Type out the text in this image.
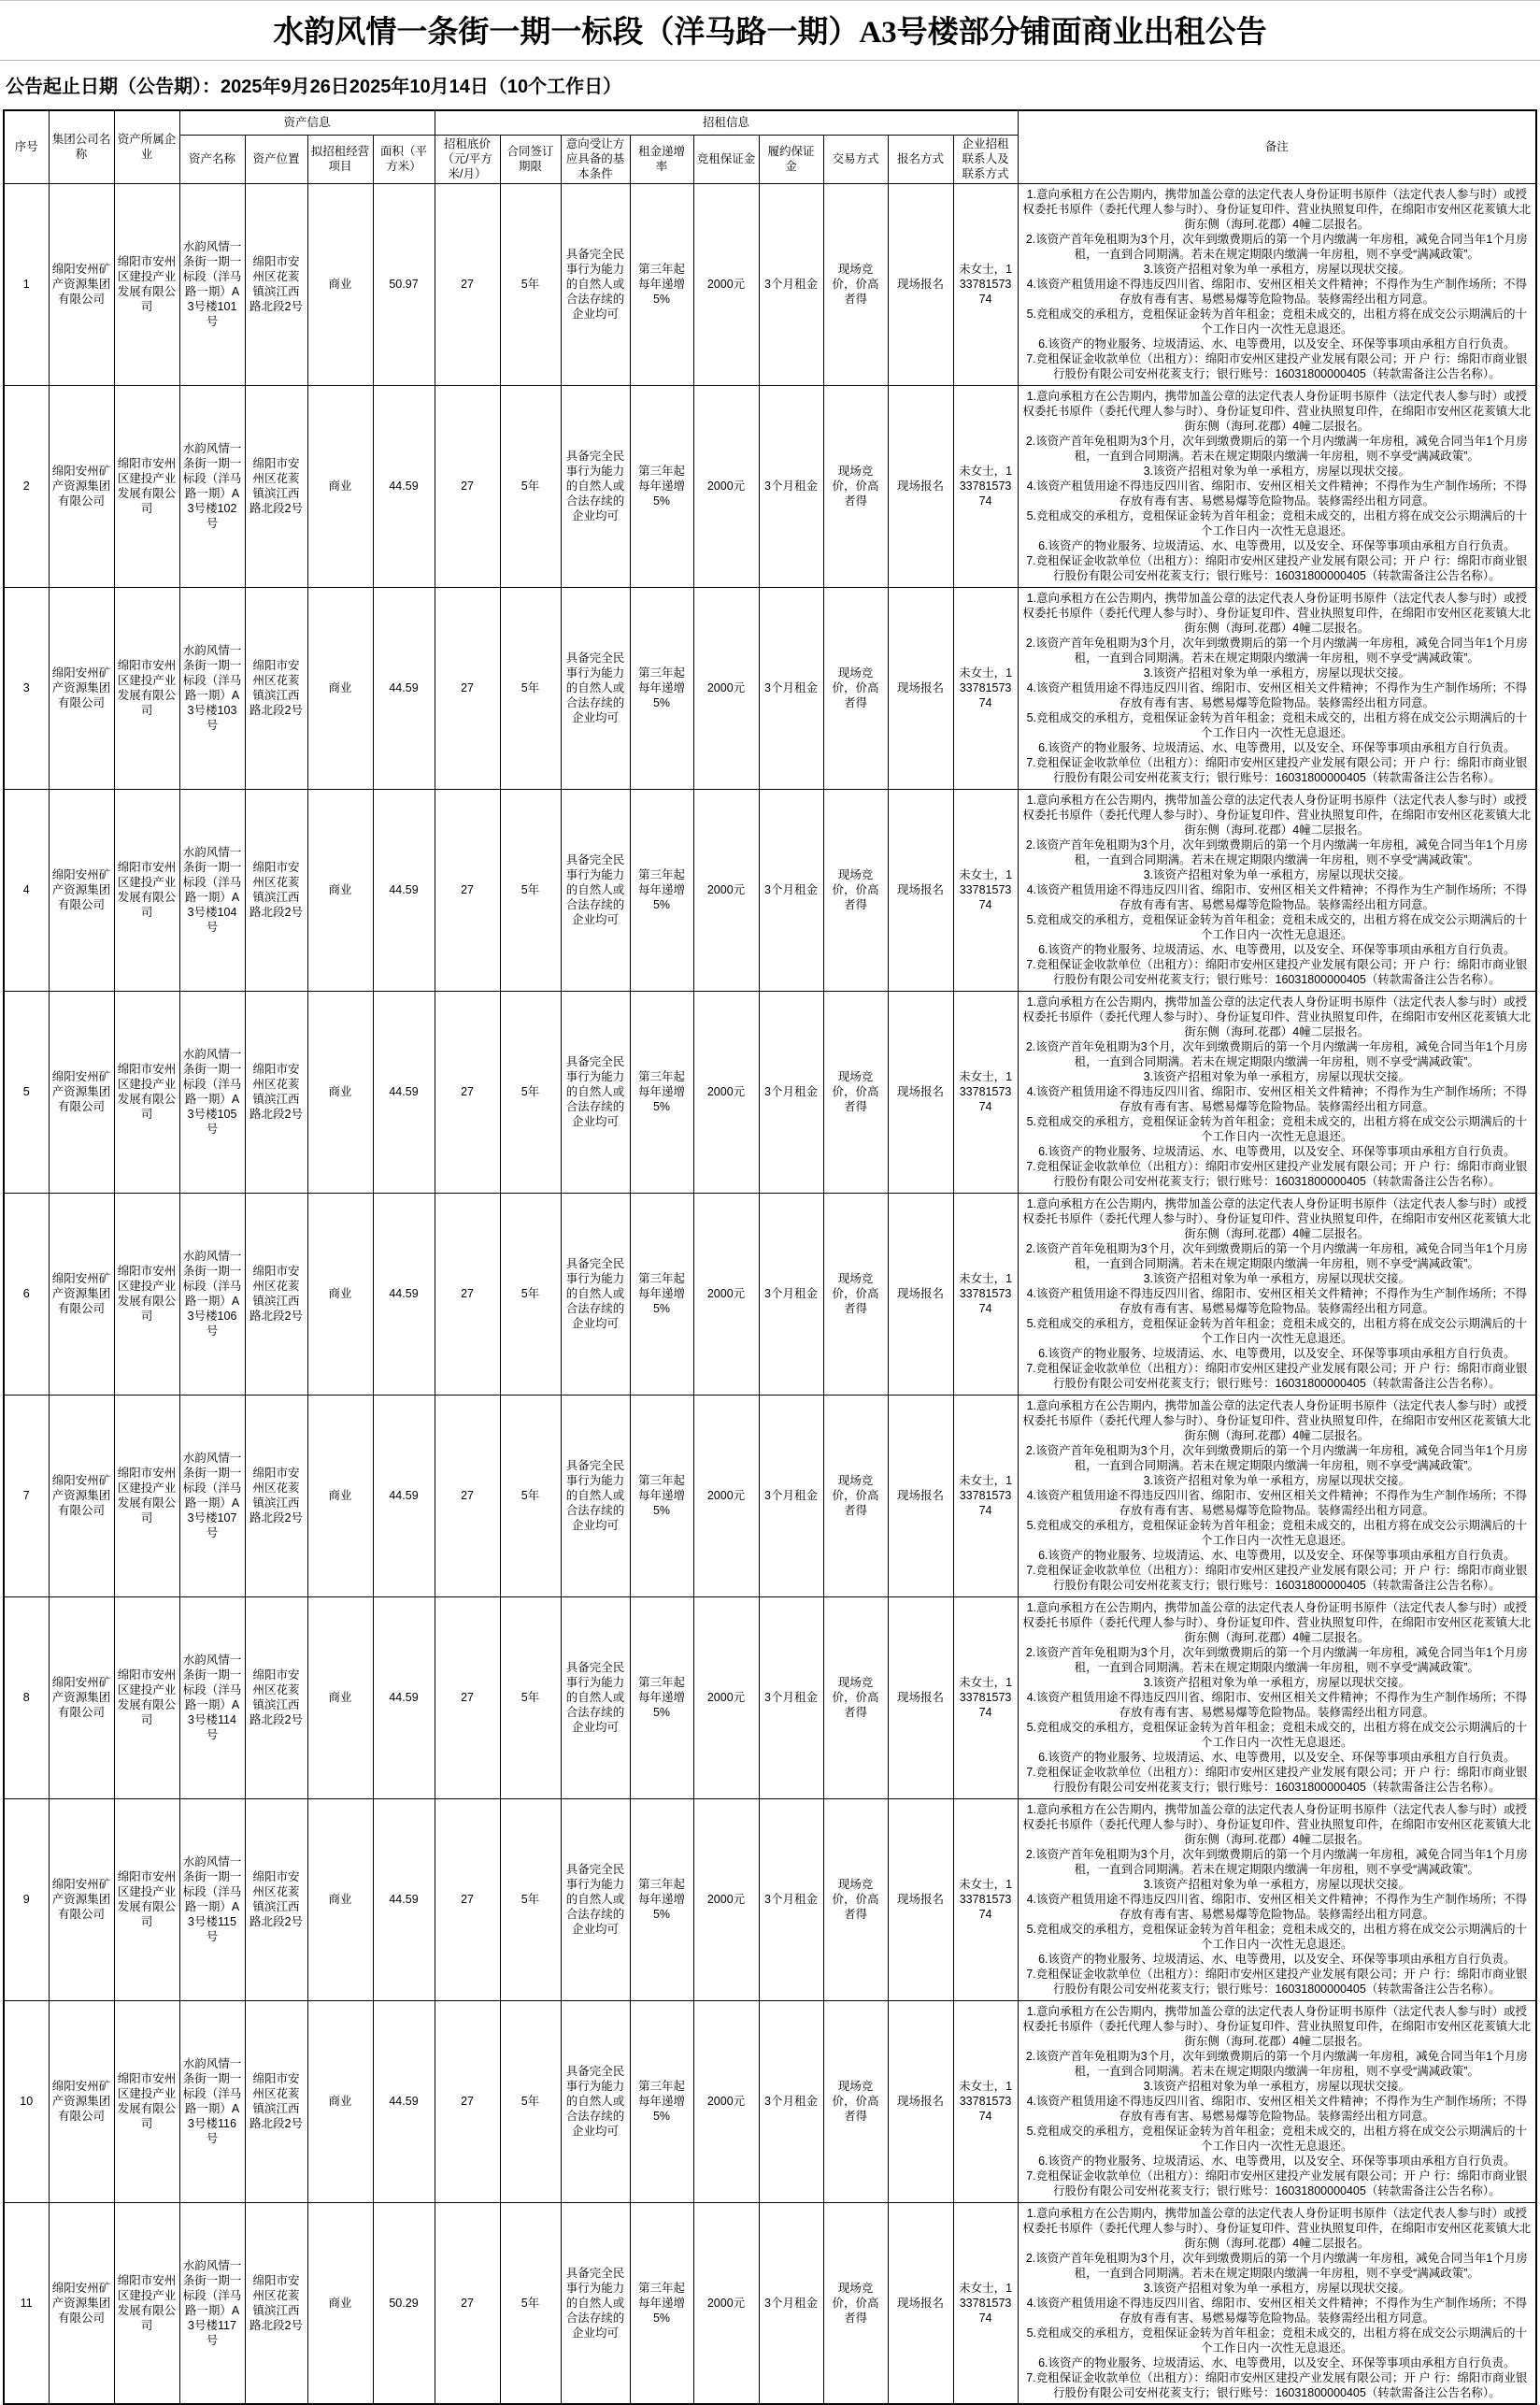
水韵风情一条街一期一标段（洋马路一期）A3号楼部分铺面商业出租公告
公告起止日期（公告期）：2025年9月26日2025年10月14日（10个工作日）
序号	集团公司名称	资产所属企业	资产信息				招租信息									备注
			资产名称	资产位置	拟招租经营项目	面积（平方米）	招租底价（元/平方米/月）	合同签订期限	意向受让方应具备的基本条件	租金递增率	竞租保证金	履约保证金	交易方式	报名方式	企业招租联系人及联系方式	
1	绵阳安州矿产资源集团有限公司	绵阳市安州区建投产业发展有限公司	水韵风情一条街一期一标段（洋马路一期）A3号楼101号	绵阳市安州区花荄镇滨江西路北段2号	商业	50.97	27	5年	具备完全民事行为能力的自然人或合法存续的企业均可	第三年起每年递增5%	2000元	3个月租金	现场竞价，价高者得	现场报名	未女士，13378157374	
1.意向承租方在公告期内，携带加盖公章的法定代表人身份证明书原件（法定代表人参与时）或授权委托书原件（委托代理人参与时）、身份证复印件、营业执照复印件，在绵阳市安州区花荄镇大北街东侧（海珂.花郡）4幢二层报名。
2.该资产首年免租期为3个月，次年到缴费期后的第一个月内缴满一年房租，减免合同当年1个月房租，一直到合同期满。若未在规定期限内缴满一年房租，则不享受“满减政策”。
3.该资产招租对象为单一承租方，房屋以现状交接。
4.该资产租赁用途不得违反四川省、绵阳市、安州区相关文件精神；不得作为生产制作场所；不得存放有毒有害、易燃易爆等危险物品。装修需经出租方同意。
5.竞租成交的承租方，竞租保证金转为首年租金；竞租未成交的，出租方将在成交公示期满后的十个工作日内一次性无息退还。
6.该资产的物业服务、垃圾清运、水、电等费用，以及安全、环保等事项由承租方自行负责。
7.竞租保证金收款单位（出租方）：绵阳市安州区建投产业发展有限公司；开 户 行：绵阳市商业银行股份有限公司安州花荄支行；银行账号：16031800000405（转款需备注公告名称）。

2	绵阳安州矿产资源集团有限公司	绵阳市安州区建投产业发展有限公司	水韵风情一条街一期一标段（洋马路一期）A3号楼102号	绵阳市安州区花荄镇滨江西路北段2号	商业	44.59	27	5年	具备完全民事行为能力的自然人或合法存续的企业均可	第三年起每年递增5%	2000元	3个月租金	现场竞价，价高者得	现场报名	未女士，13378157374	
1.意向承租方在公告期内，携带加盖公章的法定代表人身份证明书原件（法定代表人参与时）或授权委托书原件（委托代理人参与时）、身份证复印件、营业执照复印件，在绵阳市安州区花荄镇大北街东侧（海珂.花郡）4幢二层报名。
2.该资产首年免租期为3个月，次年到缴费期后的第一个月内缴满一年房租，减免合同当年1个月房租，一直到合同期满。若未在规定期限内缴满一年房租，则不享受“满减政策”。
3.该资产招租对象为单一承租方，房屋以现状交接。
4.该资产租赁用途不得违反四川省、绵阳市、安州区相关文件精神；不得作为生产制作场所；不得存放有毒有害、易燃易爆等危险物品。装修需经出租方同意。
5.竞租成交的承租方，竞租保证金转为首年租金；竞租未成交的，出租方将在成交公示期满后的十个工作日内一次性无息退还。
6.该资产的物业服务、垃圾清运、水、电等费用，以及安全、环保等事项由承租方自行负责。
7.竞租保证金收款单位（出租方）：绵阳市安州区建投产业发展有限公司；开 户 行：绵阳市商业银行股份有限公司安州花荄支行；银行账号：16031800000405（转款需备注公告名称）。

3	绵阳安州矿产资源集团有限公司	绵阳市安州区建投产业发展有限公司	水韵风情一条街一期一标段（洋马路一期）A3号楼103号	绵阳市安州区花荄镇滨江西路北段2号	商业	44.59	27	5年	具备完全民事行为能力的自然人或合法存续的企业均可	第三年起每年递增5%	2000元	3个月租金	现场竞价，价高者得	现场报名	未女士，13378157374	
1.意向承租方在公告期内，携带加盖公章的法定代表人身份证明书原件（法定代表人参与时）或授权委托书原件（委托代理人参与时）、身份证复印件、营业执照复印件，在绵阳市安州区花荄镇大北街东侧（海珂.花郡）4幢二层报名。
2.该资产首年免租期为3个月，次年到缴费期后的第一个月内缴满一年房租，减免合同当年1个月房租，一直到合同期满。若未在规定期限内缴满一年房租，则不享受“满减政策”。
3.该资产招租对象为单一承租方，房屋以现状交接。
4.该资产租赁用途不得违反四川省、绵阳市、安州区相关文件精神；不得作为生产制作场所；不得存放有毒有害、易燃易爆等危险物品。装修需经出租方同意。
5.竞租成交的承租方，竞租保证金转为首年租金；竞租未成交的，出租方将在成交公示期满后的十个工作日内一次性无息退还。
6.该资产的物业服务、垃圾清运、水、电等费用，以及安全、环保等事项由承租方自行负责。
7.竞租保证金收款单位（出租方）：绵阳市安州区建投产业发展有限公司；开 户 行：绵阳市商业银行股份有限公司安州花荄支行；银行账号：16031800000405（转款需备注公告名称）。

4	绵阳安州矿产资源集团有限公司	绵阳市安州区建投产业发展有限公司	水韵风情一条街一期一标段（洋马路一期）A3号楼104号	绵阳市安州区花荄镇滨江西路北段2号	商业	44.59	27	5年	具备完全民事行为能力的自然人或合法存续的企业均可	第三年起每年递增5%	2000元	3个月租金	现场竞价，价高者得	现场报名	未女士，13378157374	
1.意向承租方在公告期内，携带加盖公章的法定代表人身份证明书原件（法定代表人参与时）或授权委托书原件（委托代理人参与时）、身份证复印件、营业执照复印件，在绵阳市安州区花荄镇大北街东侧（海珂.花郡）4幢二层报名。
2.该资产首年免租期为3个月，次年到缴费期后的第一个月内缴满一年房租，减免合同当年1个月房租，一直到合同期满。若未在规定期限内缴满一年房租，则不享受“满减政策”。
3.该资产招租对象为单一承租方，房屋以现状交接。
4.该资产租赁用途不得违反四川省、绵阳市、安州区相关文件精神；不得作为生产制作场所；不得存放有毒有害、易燃易爆等危险物品。装修需经出租方同意。
5.竞租成交的承租方，竞租保证金转为首年租金；竞租未成交的，出租方将在成交公示期满后的十个工作日内一次性无息退还。
6.该资产的物业服务、垃圾清运、水、电等费用，以及安全、环保等事项由承租方自行负责。
7.竞租保证金收款单位（出租方）：绵阳市安州区建投产业发展有限公司；开 户 行：绵阳市商业银行股份有限公司安州花荄支行；银行账号：16031800000405（转款需备注公告名称）。

5	绵阳安州矿产资源集团有限公司	绵阳市安州区建投产业发展有限公司	水韵风情一条街一期一标段（洋马路一期）A3号楼105号	绵阳市安州区花荄镇滨江西路北段2号	商业	44.59	27	5年	具备完全民事行为能力的自然人或合法存续的企业均可	第三年起每年递增5%	2000元	3个月租金	现场竞价，价高者得	现场报名	未女士，13378157374	
1.意向承租方在公告期内，携带加盖公章的法定代表人身份证明书原件（法定代表人参与时）或授权委托书原件（委托代理人参与时）、身份证复印件、营业执照复印件，在绵阳市安州区花荄镇大北街东侧（海珂.花郡）4幢二层报名。
2.该资产首年免租期为3个月，次年到缴费期后的第一个月内缴满一年房租，减免合同当年1个月房租，一直到合同期满。若未在规定期限内缴满一年房租，则不享受“满减政策”。
3.该资产招租对象为单一承租方，房屋以现状交接。
4.该资产租赁用途不得违反四川省、绵阳市、安州区相关文件精神；不得作为生产制作场所；不得存放有毒有害、易燃易爆等危险物品。装修需经出租方同意。
5.竞租成交的承租方，竞租保证金转为首年租金；竞租未成交的，出租方将在成交公示期满后的十个工作日内一次性无息退还。
6.该资产的物业服务、垃圾清运、水、电等费用，以及安全、环保等事项由承租方自行负责。
7.竞租保证金收款单位（出租方）：绵阳市安州区建投产业发展有限公司；开 户 行：绵阳市商业银行股份有限公司安州花荄支行；银行账号：16031800000405（转款需备注公告名称）。

6	绵阳安州矿产资源集团有限公司	绵阳市安州区建投产业发展有限公司	水韵风情一条街一期一标段（洋马路一期）A3号楼106号	绵阳市安州区花荄镇滨江西路北段2号	商业	44.59	27	5年	具备完全民事行为能力的自然人或合法存续的企业均可	第三年起每年递增5%	2000元	3个月租金	现场竞价，价高者得	现场报名	未女士，13378157374	
1.意向承租方在公告期内，携带加盖公章的法定代表人身份证明书原件（法定代表人参与时）或授权委托书原件（委托代理人参与时）、身份证复印件、营业执照复印件，在绵阳市安州区花荄镇大北街东侧（海珂.花郡）4幢二层报名。
2.该资产首年免租期为3个月，次年到缴费期后的第一个月内缴满一年房租，减免合同当年1个月房租，一直到合同期满。若未在规定期限内缴满一年房租，则不享受“满减政策”。
3.该资产招租对象为单一承租方，房屋以现状交接。
4.该资产租赁用途不得违反四川省、绵阳市、安州区相关文件精神；不得作为生产制作场所；不得存放有毒有害、易燃易爆等危险物品。装修需经出租方同意。
5.竞租成交的承租方，竞租保证金转为首年租金；竞租未成交的，出租方将在成交公示期满后的十个工作日内一次性无息退还。
6.该资产的物业服务、垃圾清运、水、电等费用，以及安全、环保等事项由承租方自行负责。
7.竞租保证金收款单位（出租方）：绵阳市安州区建投产业发展有限公司；开 户 行：绵阳市商业银行股份有限公司安州花荄支行；银行账号：16031800000405（转款需备注公告名称）。

7	绵阳安州矿产资源集团有限公司	绵阳市安州区建投产业发展有限公司	水韵风情一条街一期一标段（洋马路一期）A3号楼107号	绵阳市安州区花荄镇滨江西路北段2号	商业	44.59	27	5年	具备完全民事行为能力的自然人或合法存续的企业均可	第三年起每年递增5%	2000元	3个月租金	现场竞价，价高者得	现场报名	未女士，13378157374	
1.意向承租方在公告期内，携带加盖公章的法定代表人身份证明书原件（法定代表人参与时）或授权委托书原件（委托代理人参与时）、身份证复印件、营业执照复印件，在绵阳市安州区花荄镇大北街东侧（海珂.花郡）4幢二层报名。
2.该资产首年免租期为3个月，次年到缴费期后的第一个月内缴满一年房租，减免合同当年1个月房租，一直到合同期满。若未在规定期限内缴满一年房租，则不享受“满减政策”。
3.该资产招租对象为单一承租方，房屋以现状交接。
4.该资产租赁用途不得违反四川省、绵阳市、安州区相关文件精神；不得作为生产制作场所；不得存放有毒有害、易燃易爆等危险物品。装修需经出租方同意。
5.竞租成交的承租方，竞租保证金转为首年租金；竞租未成交的，出租方将在成交公示期满后的十个工作日内一次性无息退还。
6.该资产的物业服务、垃圾清运、水、电等费用，以及安全、环保等事项由承租方自行负责。
7.竞租保证金收款单位（出租方）：绵阳市安州区建投产业发展有限公司；开 户 行：绵阳市商业银行股份有限公司安州花荄支行；银行账号：16031800000405（转款需备注公告名称）。

8	绵阳安州矿产资源集团有限公司	绵阳市安州区建投产业发展有限公司	水韵风情一条街一期一标段（洋马路一期）A3号楼114号	绵阳市安州区花荄镇滨江西路北段2号	商业	44.59	27	5年	具备完全民事行为能力的自然人或合法存续的企业均可	第三年起每年递增5%	2000元	3个月租金	现场竞价，价高者得	现场报名	未女士，13378157374	
1.意向承租方在公告期内，携带加盖公章的法定代表人身份证明书原件（法定代表人参与时）或授权委托书原件（委托代理人参与时）、身份证复印件、营业执照复印件，在绵阳市安州区花荄镇大北街东侧（海珂.花郡）4幢二层报名。
2.该资产首年免租期为3个月，次年到缴费期后的第一个月内缴满一年房租，减免合同当年1个月房租，一直到合同期满。若未在规定期限内缴满一年房租，则不享受“满减政策”。
3.该资产招租对象为单一承租方，房屋以现状交接。
4.该资产租赁用途不得违反四川省、绵阳市、安州区相关文件精神；不得作为生产制作场所；不得存放有毒有害、易燃易爆等危险物品。装修需经出租方同意。
5.竞租成交的承租方，竞租保证金转为首年租金；竞租未成交的，出租方将在成交公示期满后的十个工作日内一次性无息退还。
6.该资产的物业服务、垃圾清运、水、电等费用，以及安全、环保等事项由承租方自行负责。
7.竞租保证金收款单位（出租方）：绵阳市安州区建投产业发展有限公司；开 户 行：绵阳市商业银行股份有限公司安州花荄支行；银行账号：16031800000405（转款需备注公告名称）。

9	绵阳安州矿产资源集团有限公司	绵阳市安州区建投产业发展有限公司	水韵风情一条街一期一标段（洋马路一期）A3号楼115号	绵阳市安州区花荄镇滨江西路北段2号	商业	44.59	27	5年	具备完全民事行为能力的自然人或合法存续的企业均可	第三年起每年递增5%	2000元	3个月租金	现场竞价，价高者得	现场报名	未女士，13378157374	
1.意向承租方在公告期内，携带加盖公章的法定代表人身份证明书原件（法定代表人参与时）或授权委托书原件（委托代理人参与时）、身份证复印件、营业执照复印件，在绵阳市安州区花荄镇大北街东侧（海珂.花郡）4幢二层报名。
2.该资产首年免租期为3个月，次年到缴费期后的第一个月内缴满一年房租，减免合同当年1个月房租，一直到合同期满。若未在规定期限内缴满一年房租，则不享受“满减政策”。
3.该资产招租对象为单一承租方，房屋以现状交接。
4.该资产租赁用途不得违反四川省、绵阳市、安州区相关文件精神；不得作为生产制作场所；不得存放有毒有害、易燃易爆等危险物品。装修需经出租方同意。
5.竞租成交的承租方，竞租保证金转为首年租金；竞租未成交的，出租方将在成交公示期满后的十个工作日内一次性无息退还。
6.该资产的物业服务、垃圾清运、水、电等费用，以及安全、环保等事项由承租方自行负责。
7.竞租保证金收款单位（出租方）：绵阳市安州区建投产业发展有限公司；开 户 行：绵阳市商业银行股份有限公司安州花荄支行；银行账号：16031800000405（转款需备注公告名称）。

10	绵阳安州矿产资源集团有限公司	绵阳市安州区建投产业发展有限公司	水韵风情一条街一期一标段（洋马路一期）A3号楼116号	绵阳市安州区花荄镇滨江西路北段2号	商业	44.59	27	5年	具备完全民事行为能力的自然人或合法存续的企业均可	第三年起每年递增5%	2000元	3个月租金	现场竞价，价高者得	现场报名	未女士，13378157374	
1.意向承租方在公告期内，携带加盖公章的法定代表人身份证明书原件（法定代表人参与时）或授权委托书原件（委托代理人参与时）、身份证复印件、营业执照复印件，在绵阳市安州区花荄镇大北街东侧（海珂.花郡）4幢二层报名。
2.该资产首年免租期为3个月，次年到缴费期后的第一个月内缴满一年房租，减免合同当年1个月房租，一直到合同期满。若未在规定期限内缴满一年房租，则不享受“满减政策”。
3.该资产招租对象为单一承租方，房屋以现状交接。
4.该资产租赁用途不得违反四川省、绵阳市、安州区相关文件精神；不得作为生产制作场所；不得存放有毒有害、易燃易爆等危险物品。装修需经出租方同意。
5.竞租成交的承租方，竞租保证金转为首年租金；竞租未成交的，出租方将在成交公示期满后的十个工作日内一次性无息退还。
6.该资产的物业服务、垃圾清运、水、电等费用，以及安全、环保等事项由承租方自行负责。
7.竞租保证金收款单位（出租方）：绵阳市安州区建投产业发展有限公司；开 户 行：绵阳市商业银行股份有限公司安州花荄支行；银行账号：16031800000405（转款需备注公告名称）。

11	绵阳安州矿产资源集团有限公司	绵阳市安州区建投产业发展有限公司	水韵风情一条街一期一标段（洋马路一期）A3号楼117号	绵阳市安州区花荄镇滨江西路北段2号	商业	50.29	27	5年	具备完全民事行为能力的自然人或合法存续的企业均可	第三年起每年递增5%	2000元	3个月租金	现场竞价，价高者得	现场报名	未女士，13378157374	
1.意向承租方在公告期内，携带加盖公章的法定代表人身份证明书原件（法定代表人参与时）或授权委托书原件（委托代理人参与时）、身份证复印件、营业执照复印件，在绵阳市安州区花荄镇大北街东侧（海珂.花郡）4幢二层报名。
2.该资产首年免租期为3个月，次年到缴费期后的第一个月内缴满一年房租，减免合同当年1个月房租，一直到合同期满。若未在规定期限内缴满一年房租，则不享受“满减政策”。
3.该资产招租对象为单一承租方，房屋以现状交接。
4.该资产租赁用途不得违反四川省、绵阳市、安州区相关文件精神；不得作为生产制作场所；不得存放有毒有害、易燃易爆等危险物品。装修需经出租方同意。
5.竞租成交的承租方，竞租保证金转为首年租金；竞租未成交的，出租方将在成交公示期满后的十个工作日内一次性无息退还。
6.该资产的物业服务、垃圾清运、水、电等费用，以及安全、环保等事项由承租方自行负责。
7.竞租保证金收款单位（出租方）：绵阳市安州区建投产业发展有限公司；开 户 行：绵阳市商业银行股份有限公司安州花荄支行；银行账号：16031800000405（转款需备注公告名称）。
